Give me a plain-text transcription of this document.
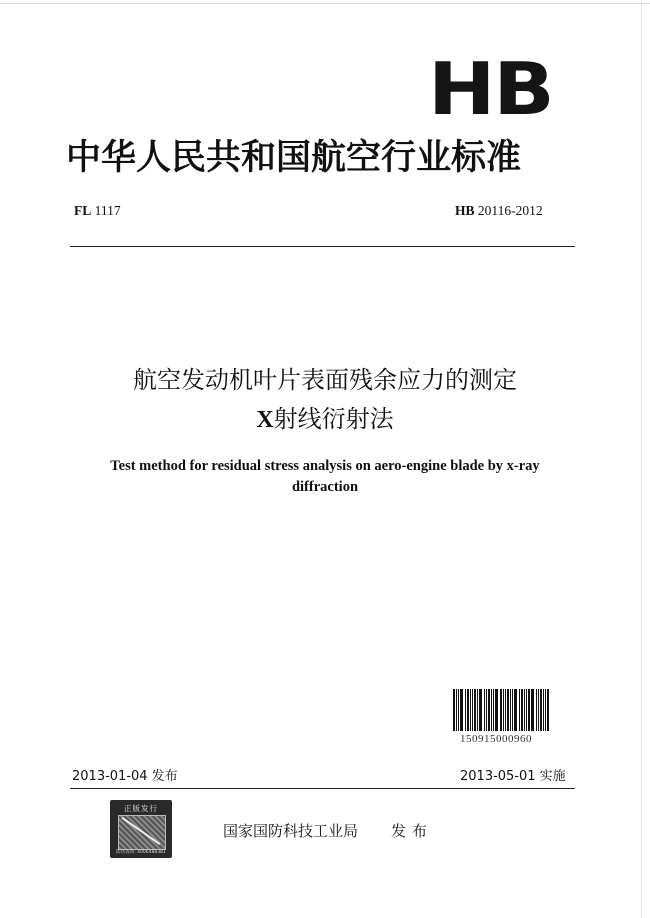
HB
中华人民共和国航空行业标准
FL 1117	HB 20116-2012
航空发动机叶片表面残余应力的测定
X射线衍射法
Test method for residual stress analysis on aero-engine blade by x-ray diffraction
150915000960
2013-01-04 发布	2013-05-01 实施
正版发行
防伪查询: 4006488381
国家国防科技工业局 发布
